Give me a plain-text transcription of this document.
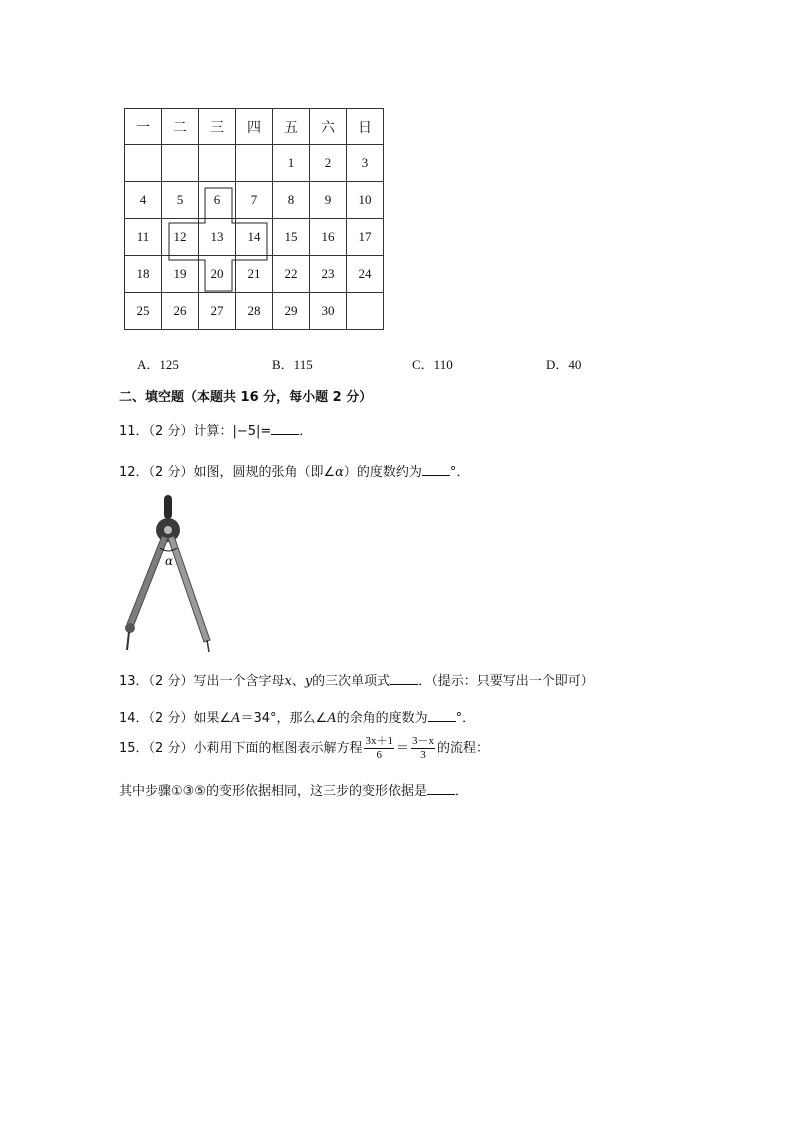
一	二	三	四	五	六	日
				1	2	3
4	5	6	7	8	9	10
11	12	13	14	15	16	17
18	19	20	21	22	23	24
25	26	27	28	29	30	
A．125	B．115	C．110	D．40
二、填空题（本题共 16 分，每小题 2 分）
11．（2 分）计算：|−5|= ．
12．（2 分）如图，圆规的张角（即∠α）的度数约为 °．
α
13．（2 分）写出一个含字母x、y的三次单项式 ．（提示：只要写出一个即可）
14．（2 分）如果∠A＝34°，那么∠A的余角的度数为 °．
15．（2 分）小莉用下面的框图表示解方程 $\frac{3x+1}{6} = \frac{3-x}{3}$ 的流程：
其中步骤①③⑤的变形依据相同，这三步的变形依据是 ．
